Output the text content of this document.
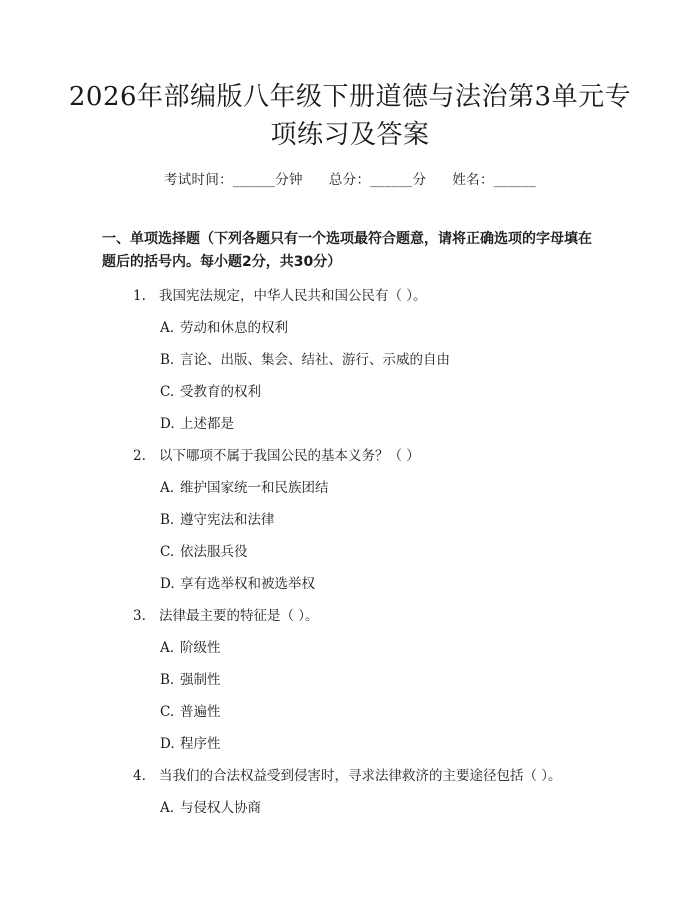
2026年部编版八年级下册道德与法治第3单元专项练习及答案
考试时间：______分钟 总分：______分 姓名：______

一、单项选择题（下列各题只有一个选项最符合题意，请将正确选项的字母填在题后的括号内。每小题2分，共30分）

1. 我国宪法规定，中华人民共和国公民有（ ）。
A. 劳动和休息的权利
B. 言论、出版、集会、结社、游行、示威的自由
C. 受教育的权利
D. 上述都是
2. 以下哪项不属于我国公民的基本义务？（ ）
A. 维护国家统一和民族团结
B. 遵守宪法和法律
C. 依法服兵役
D. 享有选举权和被选举权
3. 法律最主要的特征是（ ）。
A. 阶级性
B. 强制性
C. 普遍性
D. 程序性
4. 当我们的合法权益受到侵害时，寻求法律救济的主要途径包括（ ）。
A. 与侵权人协商
